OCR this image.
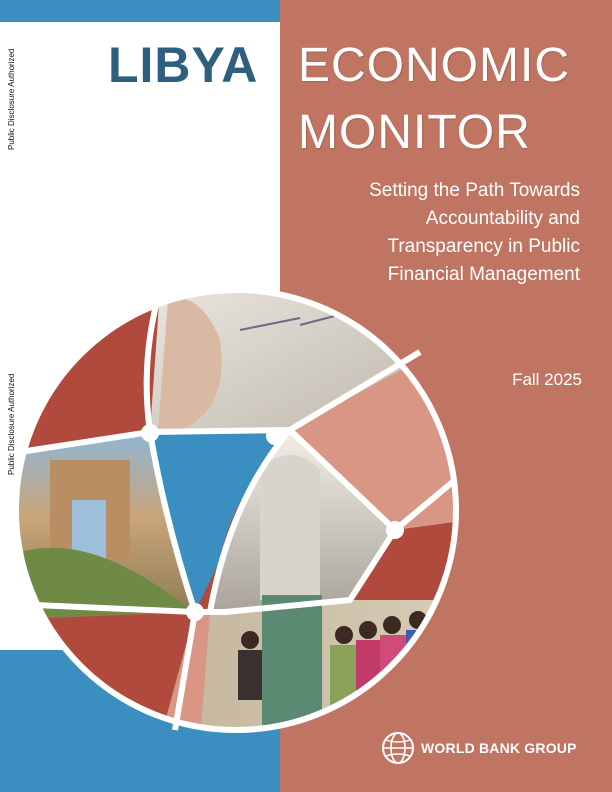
Public Disclosure Authorized
Public Disclosure Authorized
LIBYA ECONOMIC
MONITOR
Setting the Path Towards
Accountability and
Transparency in Public
Financial Management
Fall 2025
WORLD BANK GROUP
